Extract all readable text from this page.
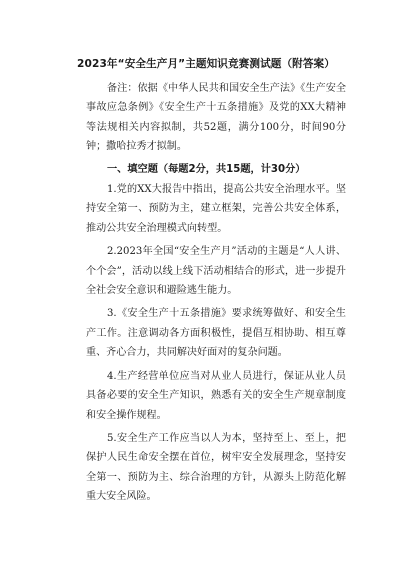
2023年“安全生产月”主题知识竞赛测试题（附答案）

备注：依据《中华人民共和国安全生产法》《生产安全事故应急条例》《安全生产十五条措施》及党的XX大精神等法规相关内容拟制，共52题，满分100分，时间90分钟；撒哈拉秀才拟制。

一、填空题（每题2分，共15题，计30分）

1.党的XX大报告中指出，提高公共安全治理水平。坚持安全第一、预防为主，建立框架，完善公共安全体系，推动公共安全治理模式向转型。

2.2023年全国“安全生产月”活动的主题是“人人讲、个个会”，活动以线上线下活动相结合的形式，进一步提升全社会安全意识和避险逃生能力。

3.《安全生产十五条措施》要求统筹做好、和安全生产工作。注意调动各方面积极性，提倡互相协助、相互尊重、齐心合力，共同解决好面对的复杂问题。

4.生产经营单位应当对从业人员进行，保证从业人员具备必要的安全生产知识，熟悉有关的安全生产规章制度和安全操作规程。

5.安全生产工作应当以人为本，坚持至上、至上，把保护人民生命安全摆在首位，树牢安全发展理念，坚持安全第一、预防为主、综合治理的方针，从源头上防范化解重大安全风险。
